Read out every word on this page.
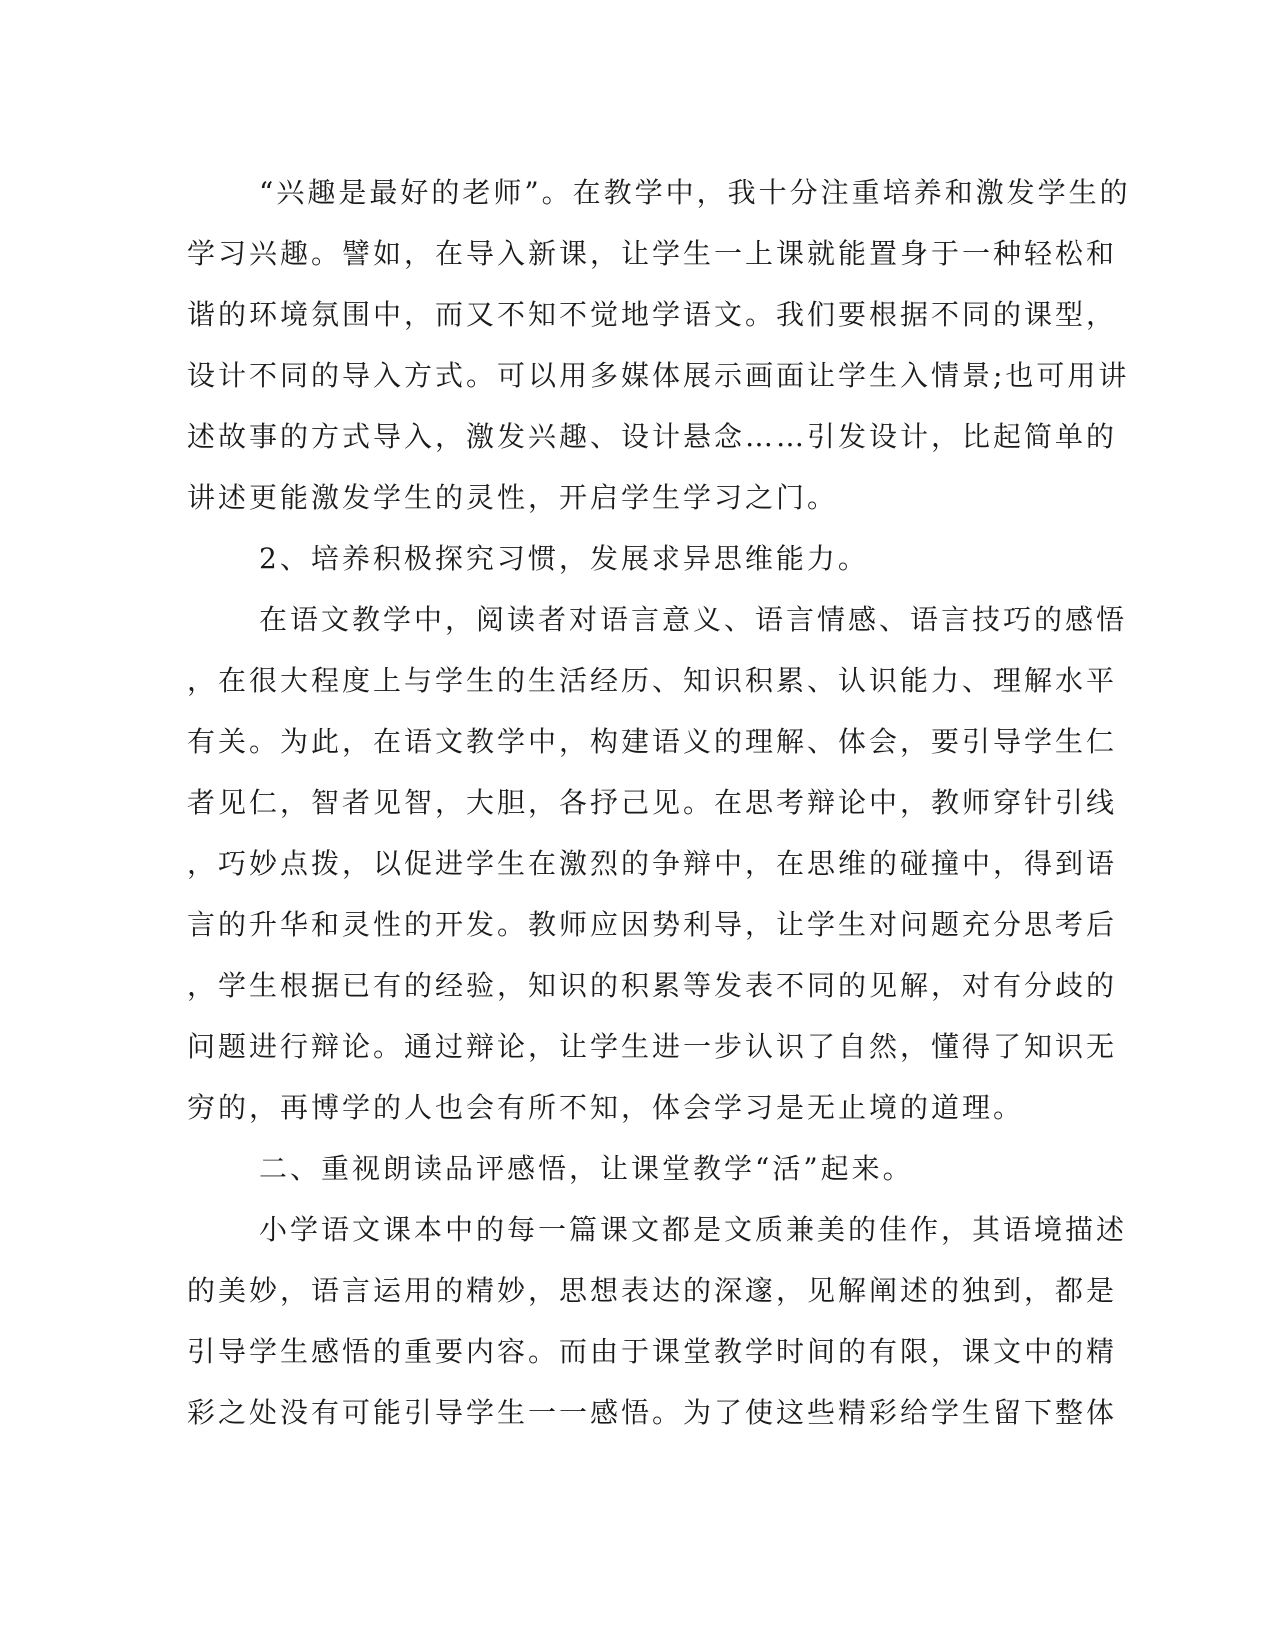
“兴趣是最好的老师”。在教学中，我十分注重培养和激发学生的
学习兴趣。譬如，在导入新课，让学生一上课就能置身于一种轻松和
谐的环境氛围中，而又不知不觉地学语文。我们要根据不同的课型，
设计不同的导入方式。可以用多媒体展示画面让学生入情景;也可用讲
述故事的方式导入，激发兴趣、设计悬念……引发设计，比起简单的
讲述更能激发学生的灵性，开启学生学习之门。
2、培养积极探究习惯，发展求异思维能力。
在语文教学中，阅读者对语言意义、语言情感、语言技巧的感悟
，在很大程度上与学生的生活经历、知识积累、认识能力、理解水平
有关。为此，在语文教学中，构建语义的理解、体会，要引导学生仁
者见仁，智者见智，大胆，各抒己见。在思考辩论中，教师穿针引线
，巧妙点拨，以促进学生在激烈的争辩中，在思维的碰撞中，得到语
言的升华和灵性的开发。教师应因势利导，让学生对问题充分思考后
，学生根据已有的经验，知识的积累等发表不同的见解，对有分歧的
问题进行辩论。通过辩论，让学生进一步认识了自然，懂得了知识无
穷的，再博学的人也会有所不知，体会学习是无止境的道理。
二、重视朗读品评感悟，让课堂教学“活”起来。
小学语文课本中的每一篇课文都是文质兼美的佳作，其语境描述
的美妙，语言运用的精妙，思想表达的深邃，见解阐述的独到，都是
引导学生感悟的重要内容。而由于课堂教学时间的有限，课文中的精
彩之处没有可能引导学生一一感悟。为了使这些精彩给学生留下整体
